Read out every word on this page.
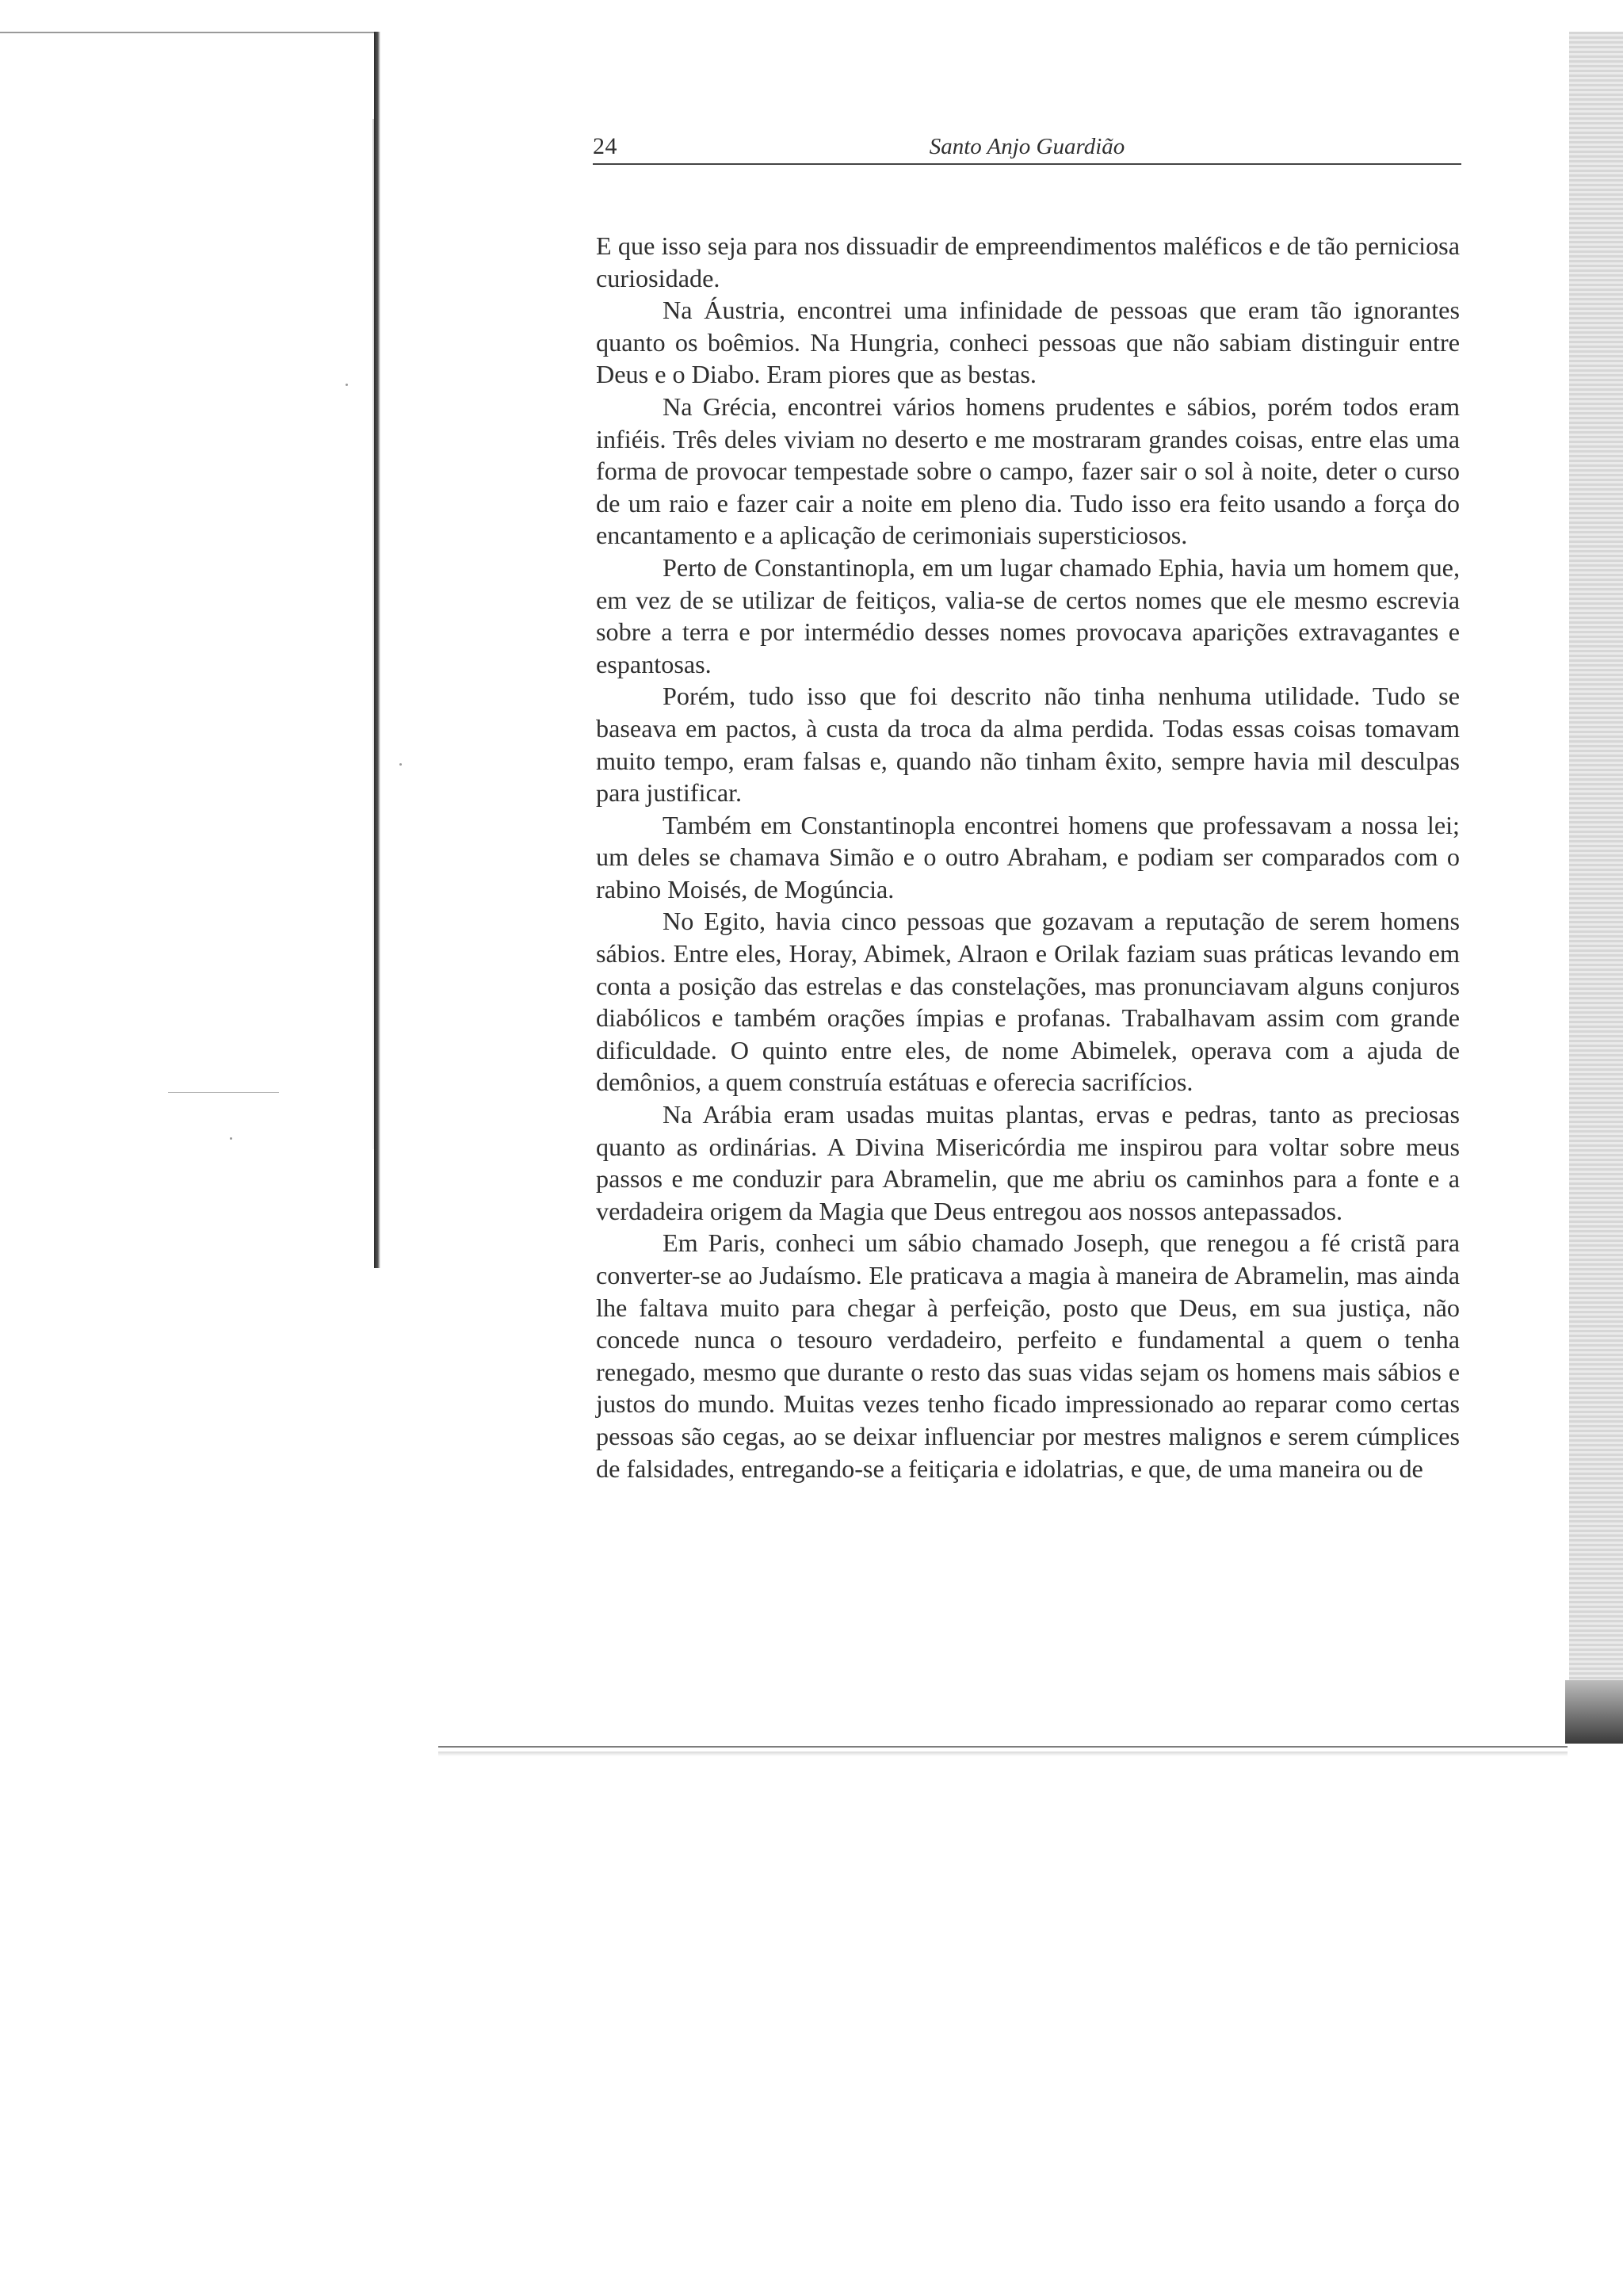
24	Santo Anjo Guardião

E que isso seja para nos dissuadir de empreendimentos maléficos e de tão perniciosa curiosidade.

Na Áustria, encontrei uma infinidade de pessoas que eram tão ignorantes quanto os boêmios. Na Hungria, conheci pessoas que não sabiam distinguir entre Deus e o Diabo. Eram piores que as bestas.

Na Grécia, encontrei vários homens prudentes e sábios, porém todos eram infiéis. Três deles viviam no deserto e me mostraram grandes coisas, entre elas uma forma de provocar tempestade sobre o campo, fazer sair o sol à noite, deter o curso de um raio e fazer cair a noite em pleno dia. Tudo isso era feito usando a força do encantamento e a aplicação de cerimoniais supersticiosos.

Perto de Constantinopla, em um lugar chamado Ephia, havia um homem que, em vez de se utilizar de feitiços, valia-se de certos nomes que ele mesmo escrevia sobre a terra e por intermédio desses nomes provocava aparições extravagantes e espantosas.

Porém, tudo isso que foi descrito não tinha nenhuma utilidade. Tudo se baseava em pactos, à custa da troca da alma perdida. Todas essas coisas tomavam muito tempo, eram falsas e, quando não tinham êxito, sempre havia mil desculpas para justificar.

Também em Constantinopla encontrei homens que professavam a nossa lei; um deles se chamava Simão e o outro Abraham, e podiam ser comparados com o rabino Moisés, de Mogúncia.

No Egito, havia cinco pessoas que gozavam a reputação de serem homens sábios. Entre eles, Horay, Abimek, Alraon e Orilak faziam suas práticas levando em conta a posição das estrelas e das constelações, mas pronunciavam alguns conjuros diabólicos e também orações ímpias e profanas. Trabalhavam assim com grande dificuldade. O quinto entre eles, de nome Abimelek, operava com a ajuda de demônios, a quem construía estátuas e oferecia sacrifícios.

Na Arábia eram usadas muitas plantas, ervas e pedras, tanto as preciosas quanto as ordinárias. A Divina Misericórdia me inspirou para voltar sobre meus passos e me conduzir para Abramelin, que me abriu os caminhos para a fonte e a verdadeira origem da Magia que Deus entregou aos nossos antepassados.

Em Paris, conheci um sábio chamado Joseph, que renegou a fé cristã para converter-se ao Judaísmo. Ele praticava a magia à maneira de Abramelin, mas ainda lhe faltava muito para chegar à perfeição, posto que Deus, em sua justiça, não concede nunca o tesouro verdadeiro, perfeito e fundamental a quem o tenha renegado, mesmo que durante o resto das suas vidas sejam os homens mais sábios e justos do mundo. Muitas vezes tenho ficado impressionado ao reparar como certas pessoas são cegas, ao se deixar influenciar por mestres malignos e serem cúmplices de falsidades, entregando-se a feitiçaria e idolatrias, e que, de uma maneira ou de
